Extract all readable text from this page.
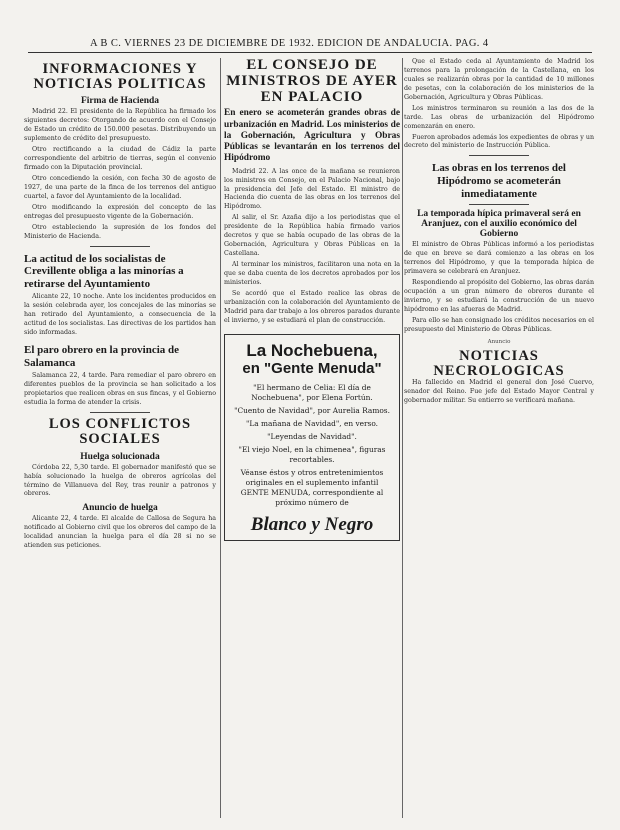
A B C. VIERNES 23 DE DICIEMBRE DE 1932. EDICION DE ANDALUCIA. PAG. 4
INFORMACIONES Y NOTICIAS POLITICAS
Firma de Hacienda

Madrid 22. El presidente de la República ha firmado los siguientes decretos: Otorgando de acuerdo con el Consejo de Estado un crédito de 150.000 pesetas. Distribuyendo un suplemento de crédito del presupuesto.

Otro rectificando a la ciudad de Cádiz la parte correspondiente del arbitrio de tierras, según el convenio firmado con la Diputación provincial.

Otro concediendo la cesión, con fecha 30 de agosto de 1927, de una parte de la finca de los terrenos del antiguo cuartel, a favor del Ayuntamiento de la localidad.

Otro modificando la expresión del concepto de las entregas del presupuesto vigente de la Gobernación.

Otro estableciendo la supresión de los fondos del Ministerio de Hacienda.

La actitud de los socialistas de Crevillente obliga a las minorías a retirarse del Ayuntamiento

Alicante 22, 10 noche. Ante los incidentes producidos en la sesión celebrada ayer, los concejales de las minorías se han retirado del Ayuntamiento, a consecuencia de la actitud de los socialistas. Las directivas de los partidos han sido informadas.

El paro obrero en la provincia de Salamanca

Salamanca 22, 4 tarde. Para remediar el paro obrero en diferentes pueblos de la provincia se han solicitado a los propietarios que realicen obras en sus fincas, y el Gobierno estudia la forma de atender la crisis.

LOS CONFLICTOS SOCIALES
Huelga solucionada

Córdoba 22, 5,30 tarde. El gobernador manifestó que se había solucionado la huelga de obreros agrícolas del término de Villanueva del Rey, tras reunir a patronos y obreros.

Anuncio de huelga

Alicante 22, 4 tarde. El alcalde de Callosa de Segura ha notificado al Gobierno civil que los obreros del campo de la localidad anuncian la huelga para el día 28 si no se atienden sus peticiones.

EL CONSEJO DE MINISTROS DE AYER EN PALACIO
En enero se acometerán grandes obras de urbanización en Madrid. Los ministerios de la Gobernación, Agricultura y Obras Públicas se levantarán en los terrenos del Hipódromo

Madrid 22. A las once de la mañana se reunieron los ministros en Consejo, en el Palacio Nacional, bajo la presidencia del Jefe del Estado. El ministro de Hacienda dio cuenta de las obras en los terrenos del Hipódromo.

Al salir, el Sr. Azaña dijo a los periodistas que el presidente de la República había firmado varios decretos y que se había ocupado de las obras de la Gobernación, Agricultura y Obras Públicas en la Castellana.

Al terminar los ministros, facilitaron una nota en la que se daba cuenta de los decretos aprobados por los ministerios.

Se acordó que el Estado realice las obras de urbanización con la colaboración del Ayuntamiento de Madrid para dar trabajo a los obreros parados durante el invierno, y se estudiará el plan de construcción.

La Nochebuena,
en "Gente Menuda"
"El hermano de Celia: El día de Nochebuena", por Elena Fortún.
"Cuento de Navidad", por Aurelia Ramos.
"La mañana de Navidad", en verso.
"Leyendas de Navidad".
"El viejo Noel, en la chimenea", figuras recortables.
Véanse éstos y otros entretenimientos originales en el suplemento infantil GENTE MENUDA, correspondiente al próximo número de
Blanco y Negro

Que el Estado ceda al Ayuntamiento de Madrid los terrenos para la prolongación de la Castellana, en los cuales se realizarán obras por la cantidad de 10 millones de pesetas, con la colaboración de los ministerios de la Gobernación, Agricultura y Obras Públicas.

Los ministros terminaron su reunión a las dos de la tarde. Las obras de urbanización del Hipódromo comenzarán en enero.

Fueron aprobados además los expedientes de obras y un decreto del ministerio de Instrucción Pública.

Las obras en los terrenos del Hipódromo se acometerán inmediatamente
La temporada hípica primaveral será en Aranjuez, con el auxilio económico del Gobierno

El ministro de Obras Públicas informó a los periodistas de que en breve se dará comienzo a las obras en los terrenos del Hipódromo, y que la temporada hípica de primavera se celebrará en Aranjuez.

Respondiendo al propósito del Gobierno, las obras darán ocupación a un gran número de obreros durante el invierno, y se estudiará la construcción de un nuevo hipódromo en las afueras de Madrid.

Para ello se han consignado los créditos necesarios en el presupuesto del Ministerio de Obras Públicas.

Anuncio
NOTICIAS NECROLOGICAS

Ha fallecido en Madrid el general don José Cuervo, senador del Reino. Fue jefe del Estado Mayor Central y gobernador militar. Su entierro se verificará mañana.
